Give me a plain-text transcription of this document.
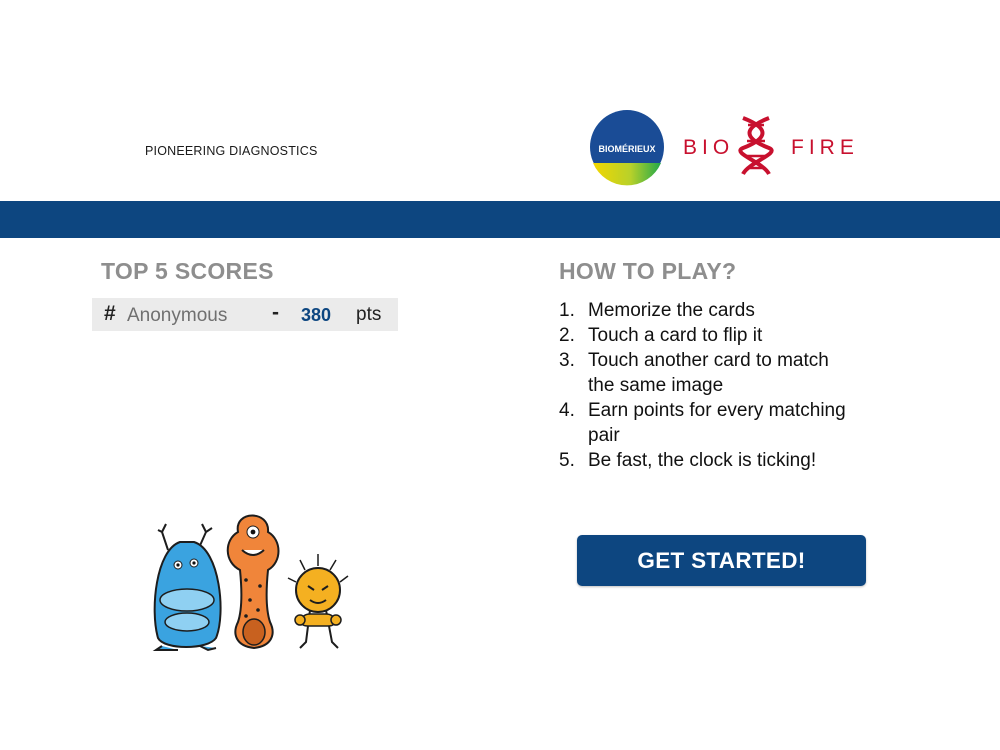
PIONEERING DIAGNOSTICS	BIOMÉRIEUX BIO	FIRE
TOP 5 SCORES
# Anonymous - 380 pts
HOW TO PLAY?
1. Memorize the cards
2. Touch a card to flip it
3. Touch another card to match the same image
4. Earn points for every matching pair
5. Be fast, the clock is ticking!
GET STARTED!
